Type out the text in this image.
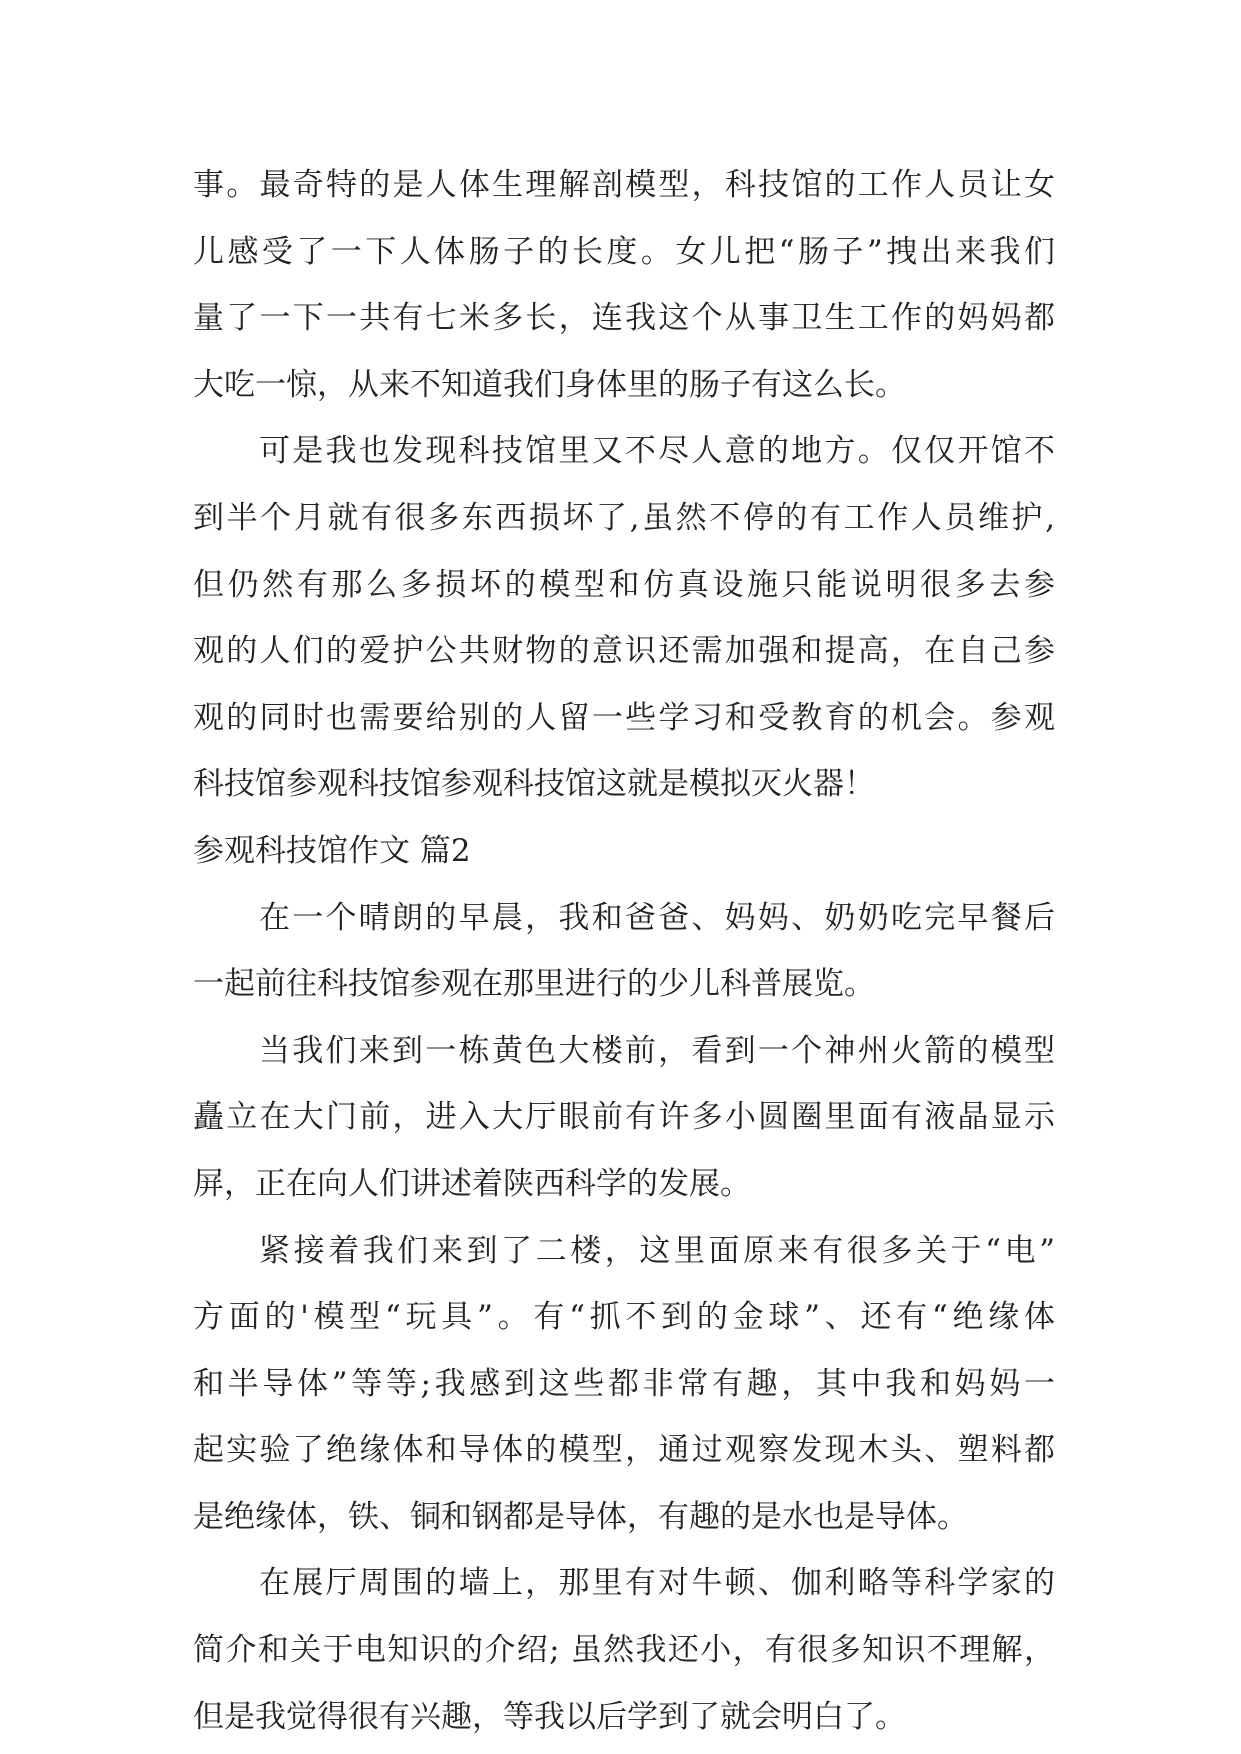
事。最奇特的是人体生理解剖模型，科技馆的工作人员让女
儿感受了一下人体肠子的长度。女儿把“肠子”拽出来我们
量了一下一共有七米多长，连我这个从事卫生工作的妈妈都
大吃一惊，从来不知道我们身体里的肠子有这么长。
可是我也发现科技馆里又不尽人意的地方。仅仅开馆不
到半个月就有很多东西损坏了,虽然不停的有工作人员维护,
但仍然有那么多损坏的模型和仿真设施只能说明很多去参
观的人们的爱护公共财物的意识还需加强和提高，在自己参
观的同时也需要给别的人留一些学习和受教育的机会。参观
科技馆参观科技馆参观科技馆这就是模拟灭火器！
参观科技馆作文 篇2
在一个晴朗的早晨，我和爸爸、妈妈、奶奶吃完早餐后
一起前往科技馆参观在那里进行的少儿科普展览。
当我们来到一栋黄色大楼前，看到一个神州火箭的模型
矗立在大门前，进入大厅眼前有许多小圆圈里面有液晶显示
屏，正在向人们讲述着陕西科学的发展。
紧接着我们来到了二楼，这里面原来有很多关于“电”
方面的'模型“玩具”。有“抓不到的金球”、还有“绝缘体
和半导体”等等;我感到这些都非常有趣，其中我和妈妈一
起实验了绝缘体和导体的模型，通过观察发现木头、塑料都
是绝缘体，铁、铜和钢都是导体，有趣的是水也是导体。
在展厅周围的墙上，那里有对牛顿、伽利略等科学家的
简介和关于电知识的介绍; 虽然我还小，有很多知识不理解，
但是我觉得很有兴趣，等我以后学到了就会明白了。
